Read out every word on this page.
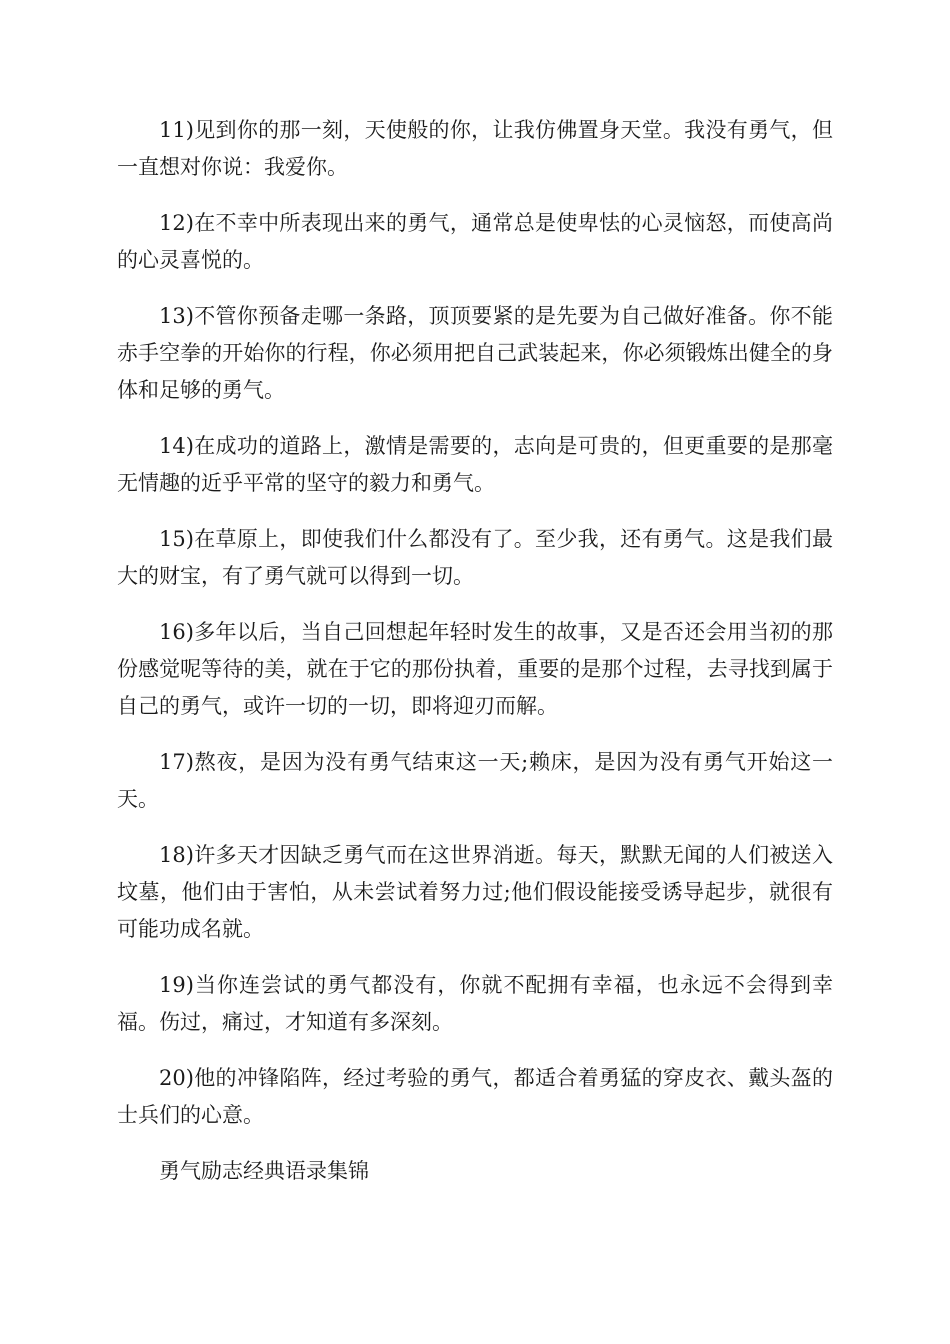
11)见到你的那一刻，天使般的你，让我仿佛置身天堂。我没有勇气，但一直想对你说：我爱你。

12)在不幸中所表现出来的勇气，通常总是使卑怯的心灵恼怒，而使高尚的心灵喜悦的。

13)不管你预备走哪一条路，顶顶要紧的是先要为自己做好准备。你不能赤手空拳的开始你的行程，你必须用把自己武装起来，你必须锻炼出健全的身体和足够的勇气。

14)在成功的道路上，激情是需要的，志向是可贵的，但更重要的是那毫无情趣的近乎平常的坚守的毅力和勇气。

15)在草原上，即使我们什么都没有了。至少我，还有勇气。这是我们最大的财宝，有了勇气就可以得到一切。

16)多年以后，当自己回想起年轻时发生的故事，又是否还会用当初的那份感觉呢等待的美，就在于它的那份执着，重要的是那个过程，去寻找到属于自己的勇气，或许一切的一切，即将迎刃而解。

17)熬夜，是因为没有勇气结束这一天;赖床，是因为没有勇气开始这一天。

18)许多天才因缺乏勇气而在这世界消逝。每天，默默无闻的人们被送入坟墓，他们由于害怕，从未尝试着努力过;他们假设能接受诱导起步，就很有可能功成名就。

19)当你连尝试的勇气都没有，你就不配拥有幸福，也永远不会得到幸福。伤过，痛过，才知道有多深刻。

20)他的冲锋陷阵，经过考验的勇气，都适合着勇猛的穿皮衣、戴头盔的士兵们的心意。

勇气励志经典语录集锦
